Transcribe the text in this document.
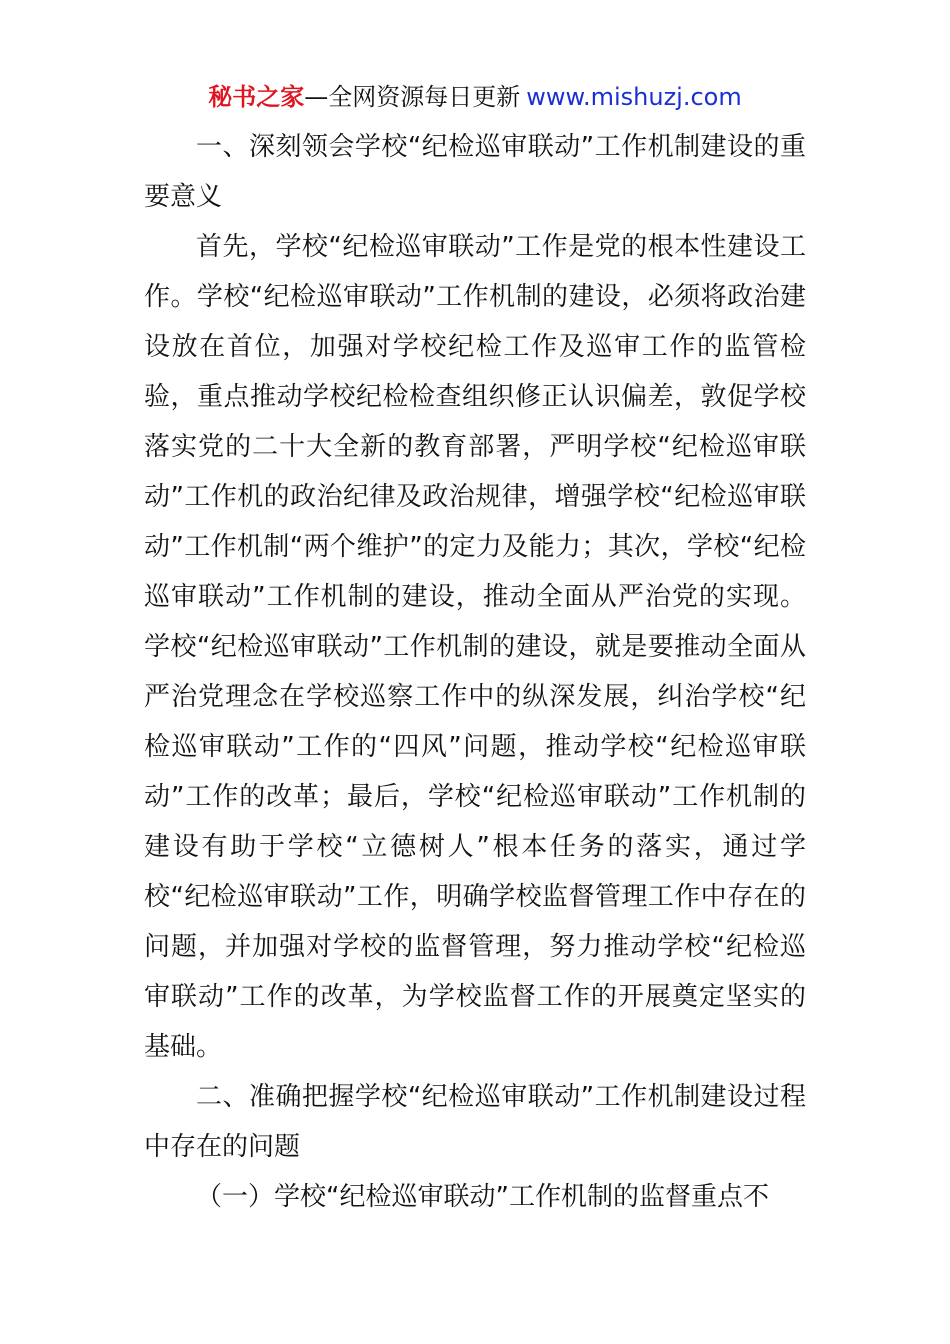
秘书之家—全网资源每日更新 www.mishuzj.com

一、深刻领会学校“纪检巡审联动”工作机制建设的重要意义

首先，学校“纪检巡审联动”工作是党的根本性建设工作。学校“纪检巡审联动”工作机制的建设，必须将政治建设放在首位，加强对学校纪检工作及巡审工作的监管检验，重点推动学校纪检检查组织修正认识偏差，敦促学校落实党的二十大全新的教育部署，严明学校“纪检巡审联动”工作机的政治纪律及政治规律，增强学校“纪检巡审联动”工作机制“两个维护”的定力及能力；其次，学校“纪检巡审联动”工作机制的建设，推动全面从严治党的实现。学校“纪检巡审联动”工作机制的建设，就是要推动全面从严治党理念在学校巡察工作中的纵深发展，纠治学校“纪检巡审联动”工作的“四风”问题，推动学校“纪检巡审联动”工作的改革；最后，学校“纪检巡审联动”工作机制的建设有助于学校“立德树人”根本任务的落实，通过学校“纪检巡审联动”工作，明确学校监督管理工作中存在的问题，并加强对学校的监督管理，努力推动学校“纪检巡审联动”工作的改革，为学校监督工作的开展奠定坚实的基础。

二、准确把握学校“纪检巡审联动”工作机制建设过程中存在的问题

（一）学校“纪检巡审联动”工作机制的监督重点不
